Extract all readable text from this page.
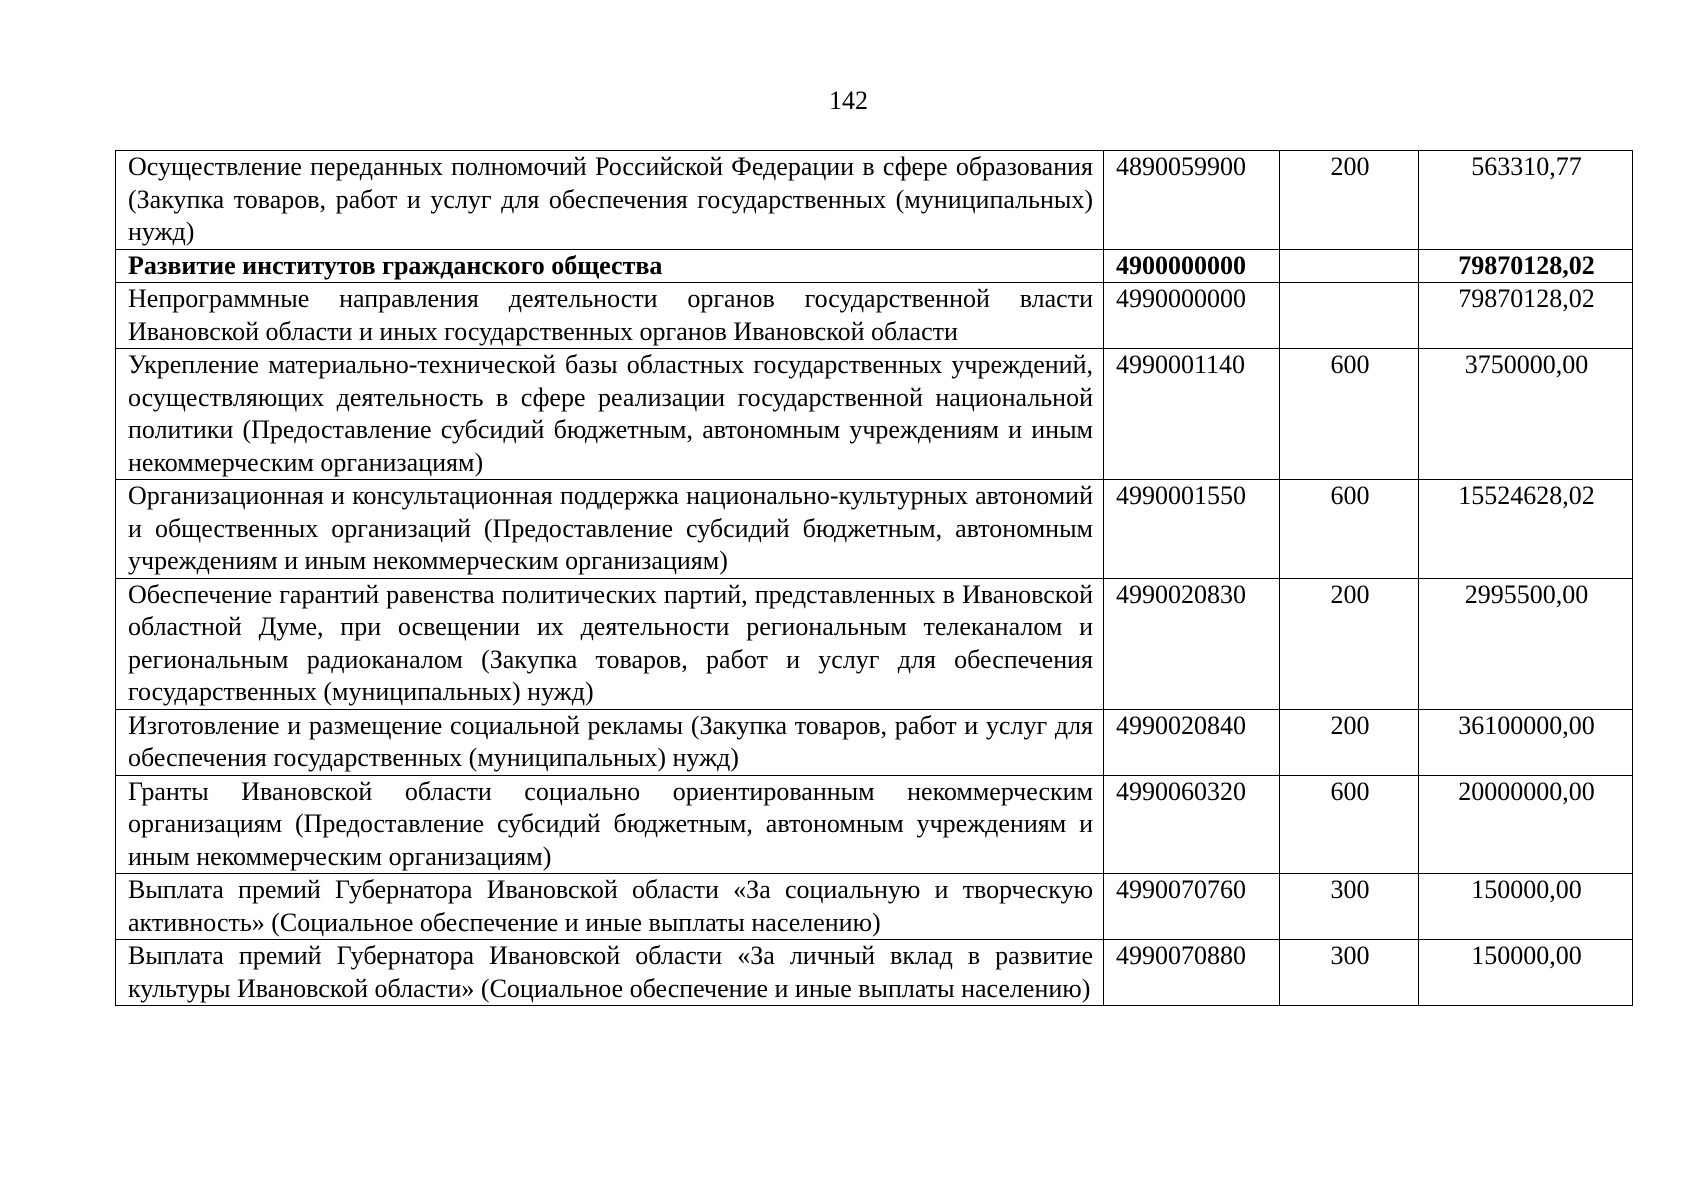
142
Осуществление переданных полномочий Российской Федерации в сфере образования (Закупка товаров, работ и услуг для обеспечения государственных (муниципальных) нужд)	4890059900	200	563310,77
Развитие институтов гражданского общества	4900000000		79870128,02
Непрограммные направления деятельности органов государственной власти Ивановской области и иных государственных органов Ивановской области	4990000000		79870128,02
Укрепление материально-технической базы областных государственных учреждений, осуществляющих деятельность в сфере реализации государственной национальной политики (Предоставление субсидий бюджетным, автономным учреждениям и иным некоммерческим организациям)	4990001140	600	3750000,00
Организационная и консультационная поддержка национально-культурных автономий и общественных организаций (Предоставление субсидий бюджетным, автономным учреждениям и иным некоммерческим организациям)	4990001550	600	15524628,02
Обеспечение гарантий равенства политических партий, представленных в Ивановской областной Думе, при освещении их деятельности региональным телеканалом и региональным радиоканалом (Закупка товаров, работ и услуг для обеспечения государственных (муниципальных) нужд)	4990020830	200	2995500,00
Изготовление и размещение социальной рекламы (Закупка товаров, работ и услуг для обеспечения государственных (муниципальных) нужд)	4990020840	200	36100000,00
Гранты Ивановской области социально ориентированным некоммерческим организациям (Предоставление субсидий бюджетным, автономным учреждениям и иным некоммерческим организациям)	4990060320	600	20000000,00
Выплата премий Губернатора Ивановской области «За социальную и творческую активность» (Социальное обеспечение и иные выплаты населению)	4990070760	300	150000,00
Выплата премий Губернатора Ивановской области «За личный вклад в развитие культуры Ивановской области» (Социальное обеспечение и иные выплаты населению)	4990070880	300	150000,00
